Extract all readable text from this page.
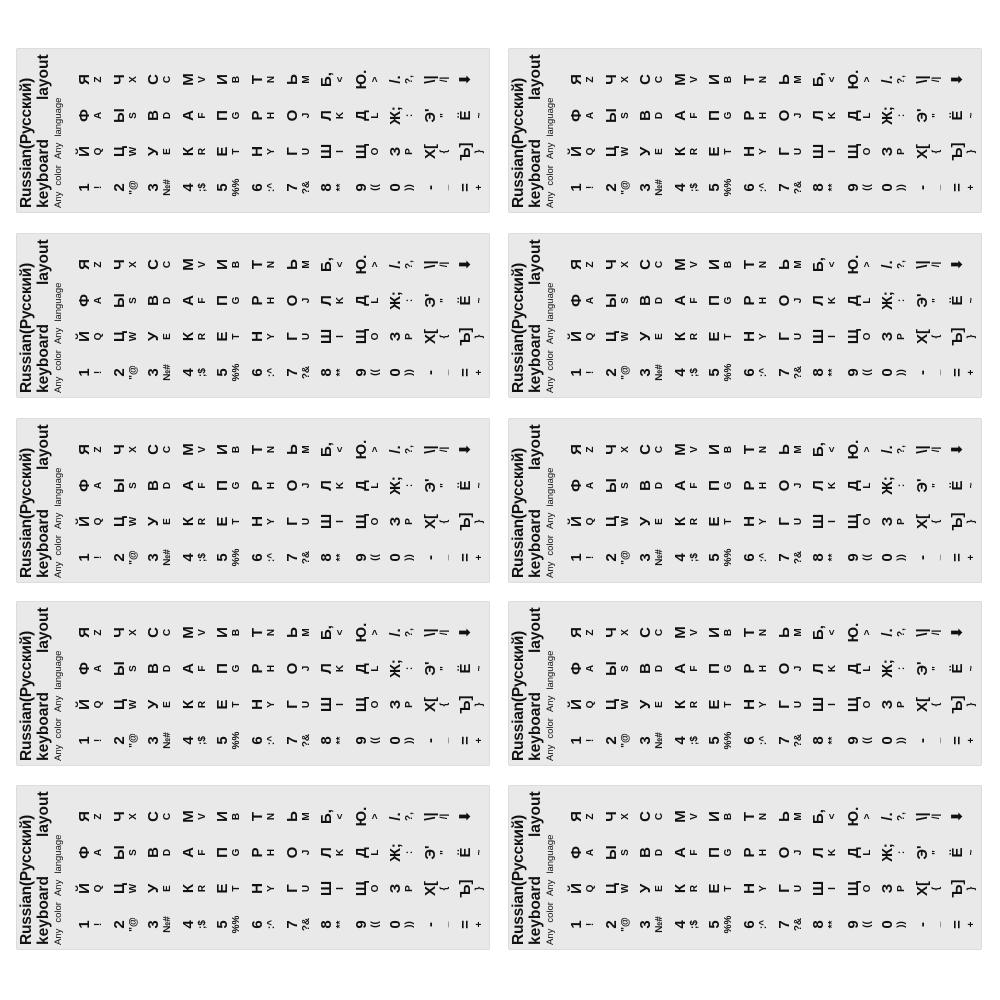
Russian(Русский) keyboard
layout
AnycolorAnylanguage
1 ! 2 "@ 3 №# 4 ;$ 5 %% 6 :^ 7 ?& 8 ** 9 (( 0 )) - _ = +
Й Q Ц W У E К R Е T Н Y Г U Ш I Щ O З P Х[ { Ъ] }
Ф A Ы S В D А F П G Р H О J Л K Д L Ж; : Э' " Ё ~
Я Z Ч X С C М V И B Т N Ь M Б, < Ю. > /. ?, \| /| ⬇ Russian(Русский) keyboard
layout
AnycolorAnylanguage
1 ! 2 "@ 3 №# 4 ;$ 5 %% 6 :^ 7 ?& 8 ** 9 (( 0 )) - _ = +
Й Q Ц W У E К R Е T Н Y Г U Ш I Щ O З P Х[ { Ъ] }
Ф A Ы S В D А F П G Р H О J Л K Д L Ж; : Э' " Ё ~
Я Z Ч X С C М V И B Т N Ь M Б, < Ю. > /. ?, \| /| ⬇
Russian(Русский) keyboard
layout
AnycolorAnylanguage
1 ! 2 "@ 3 №# 4 ;$ 5 %% 6 :^ 7 ?& 8 ** 9 (( 0 )) - _ = +
Й Q Ц W У E К R Е T Н Y Г U Ш I Щ O З P Х[ { Ъ] }
Ф A Ы S В D А F П G Р H О J Л K Д L Ж; : Э' " Ё ~
Я Z Ч X С C М V И B Т N Ь M Б, < Ю. > /. ?, \| /| ⬇ Russian(Русский) keyboard
layout
AnycolorAnylanguage
1 ! 2 "@ 3 №# 4 ;$ 5 %% 6 :^ 7 ?& 8 ** 9 (( 0 )) - _ = +
Й Q Ц W У E К R Е T Н Y Г U Ш I Щ O З P Х[ { Ъ] }
Ф A Ы S В D А F П G Р H О J Л K Д L Ж; : Э' " Ё ~
Я Z Ч X С C М V И B Т N Ь M Б, < Ю. > /. ?, \| /| ⬇
Russian(Русский) keyboard
layout
AnycolorAnylanguage
1 ! 2 "@ 3 №# 4 ;$ 5 %% 6 :^ 7 ?& 8 ** 9 (( 0 )) - _ = +
Й Q Ц W У E К R Е T Н Y Г U Ш I Щ O З P Х[ { Ъ] }
Ф A Ы S В D А F П G Р H О J Л K Д L Ж; : Э' " Ё ~
Я Z Ч X С C М V И B Т N Ь M Б, < Ю. > /. ?, \| /| ⬇ Russian(Русский) keyboard
layout
AnycolorAnylanguage
1 ! 2 "@ 3 №# 4 ;$ 5 %% 6 :^ 7 ?& 8 ** 9 (( 0 )) - _ = +
Й Q Ц W У E К R Е T Н Y Г U Ш I Щ O З P Х[ { Ъ] }
Ф A Ы S В D А F П G Р H О J Л K Д L Ж; : Э' " Ё ~
Я Z Ч X С C М V И B Т N Ь M Б, < Ю. > /. ?, \| /| ⬇
Russian(Русский) keyboard
layout
AnycolorAnylanguage
1 ! 2 "@ 3 №# 4 ;$ 5 %% 6 :^ 7 ?& 8 ** 9 (( 0 )) - _ = +
Й Q Ц W У E К R Е T Н Y Г U Ш I Щ O З P Х[ { Ъ] }
Ф A Ы S В D А F П G Р H О J Л K Д L Ж; : Э' " Ё ~
Я Z Ч X С C М V И B Т N Ь M Б, < Ю. > /. ?, \| /| ⬇ Russian(Русский) keyboard
layout
AnycolorAnylanguage
1 ! 2 "@ 3 №# 4 ;$ 5 %% 6 :^ 7 ?& 8 ** 9 (( 0 )) - _ = +
Й Q Ц W У E К R Е T Н Y Г U Ш I Щ O З P Х[ { Ъ] }
Ф A Ы S В D А F П G Р H О J Л K Д L Ж; : Э' " Ё ~
Я Z Ч X С C М V И B Т N Ь M Б, < Ю. > /. ?, \| /| ⬇
Russian(Русский) keyboard
layout
AnycolorAnylanguage
1 ! 2 "@ 3 №# 4 ;$ 5 %% 6 :^ 7 ?& 8 ** 9 (( 0 )) - _ = +
Й Q Ц W У E К R Е T Н Y Г U Ш I Щ O З P Х[ { Ъ] }
Ф A Ы S В D А F П G Р H О J Л K Д L Ж; : Э' " Ё ~
Я Z Ч X С C М V И B Т N Ь M Б, < Ю. > /. ?, \| /| ⬇ Russian(Русский) keyboard
layout
AnycolorAnylanguage
1 ! 2 "@ 3 №# 4 ;$ 5 %% 6 :^ 7 ?& 8 ** 9 (( 0 )) - _ = +
Й Q Ц W У E К R Е T Н Y Г U Ш I Щ O З P Х[ { Ъ] }
Ф A Ы S В D А F П G Р H О J Л K Д L Ж; : Э' " Ё ~
Я Z Ч X С C М V И B Т N Ь M Б, < Ю. > /. ?, \| /| ⬇
